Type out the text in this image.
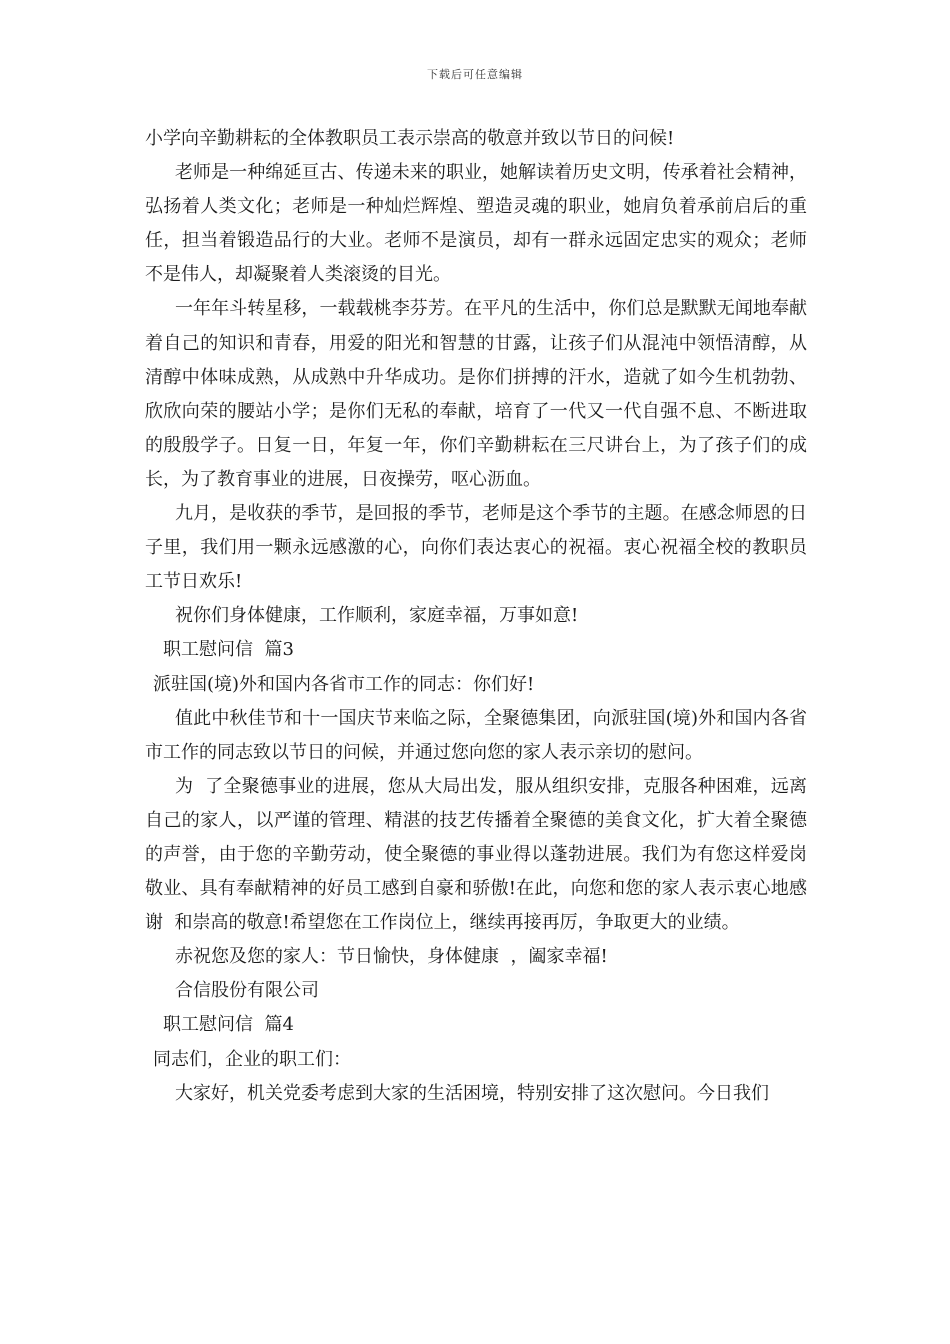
下载后可任意编辑

小学向辛勤耕耘的全体教职员工表示崇高的敬意并致以节日的问候!

老师是一种绵延亘古、传递未来的职业，她解读着历史文明，传承着社会精神，弘扬着人类文化；老师是一种灿烂辉煌、塑造灵魂的职业，她肩负着承前启后的重任，担当着锻造品行的大业。老师不是演员，却有一群永远固定忠实的观众；老师不是伟人，却凝聚着人类滚烫的目光。

一年年斗转星移，一载载桃李芬芳。在平凡的生活中，你们总是默默无闻地奉献着自己的知识和青春，用爱的阳光和智慧的甘露，让孩子们从混沌中领悟清醇，从清醇中体味成熟，从成熟中升华成功。是你们拼搏的汗水，造就了如今生机勃勃、欣欣向荣的腰站小学；是你们无私的奉献，培育了一代又一代自强不息、不断进取的殷殷学子。日复一日，年复一年，你们辛勤耕耘在三尺讲台上，为了孩子们的成长，为了教育事业的进展，日夜操劳，呕心沥血。

九月，是收获的季节，是回报的季节，老师是这个季节的主题。在感念师恩的日子里，我们用一颗永远感激的心，向你们表达衷心的祝福。衷心祝福全校的教职员工节日欢乐!

祝你们身体健康，工作顺利，家庭幸福，万事如意!

职工慰问信  篇3

派驻国(境)外和国内各省市工作的同志：你们好!

值此中秋佳节和十一国庆节来临之际，全聚德集团，向派驻国(境)外和国内各省市工作的同志致以节日的问候，并通过您向您的家人表示亲切的慰问。

为  了全聚德事业的进展，您从大局出发，服从组织安排，克服各种困难，远离自己的家人，以严谨的管理、精湛的技艺传播着全聚德的美食文化，扩大着全聚德的声誉，由于您的辛勤劳动，使全聚德的事业得以蓬勃进展。我们为有您这样爱岗敬业、具有奉献精神的好员工感到自豪和骄傲!在此，向您和您的家人表示衷心地感谢  和崇高的敬意!希望您在工作岗位上，继续再接再厉，争取更大的业绩。

赤祝您及您的家人：节日愉快，身体健康  ，阖家幸福!

合信股份有限公司

职工慰问信  篇4

同志们，企业的职工们：

大家好，机关党委考虑到大家的生活困境，特别安排了这次慰问。今日我们
